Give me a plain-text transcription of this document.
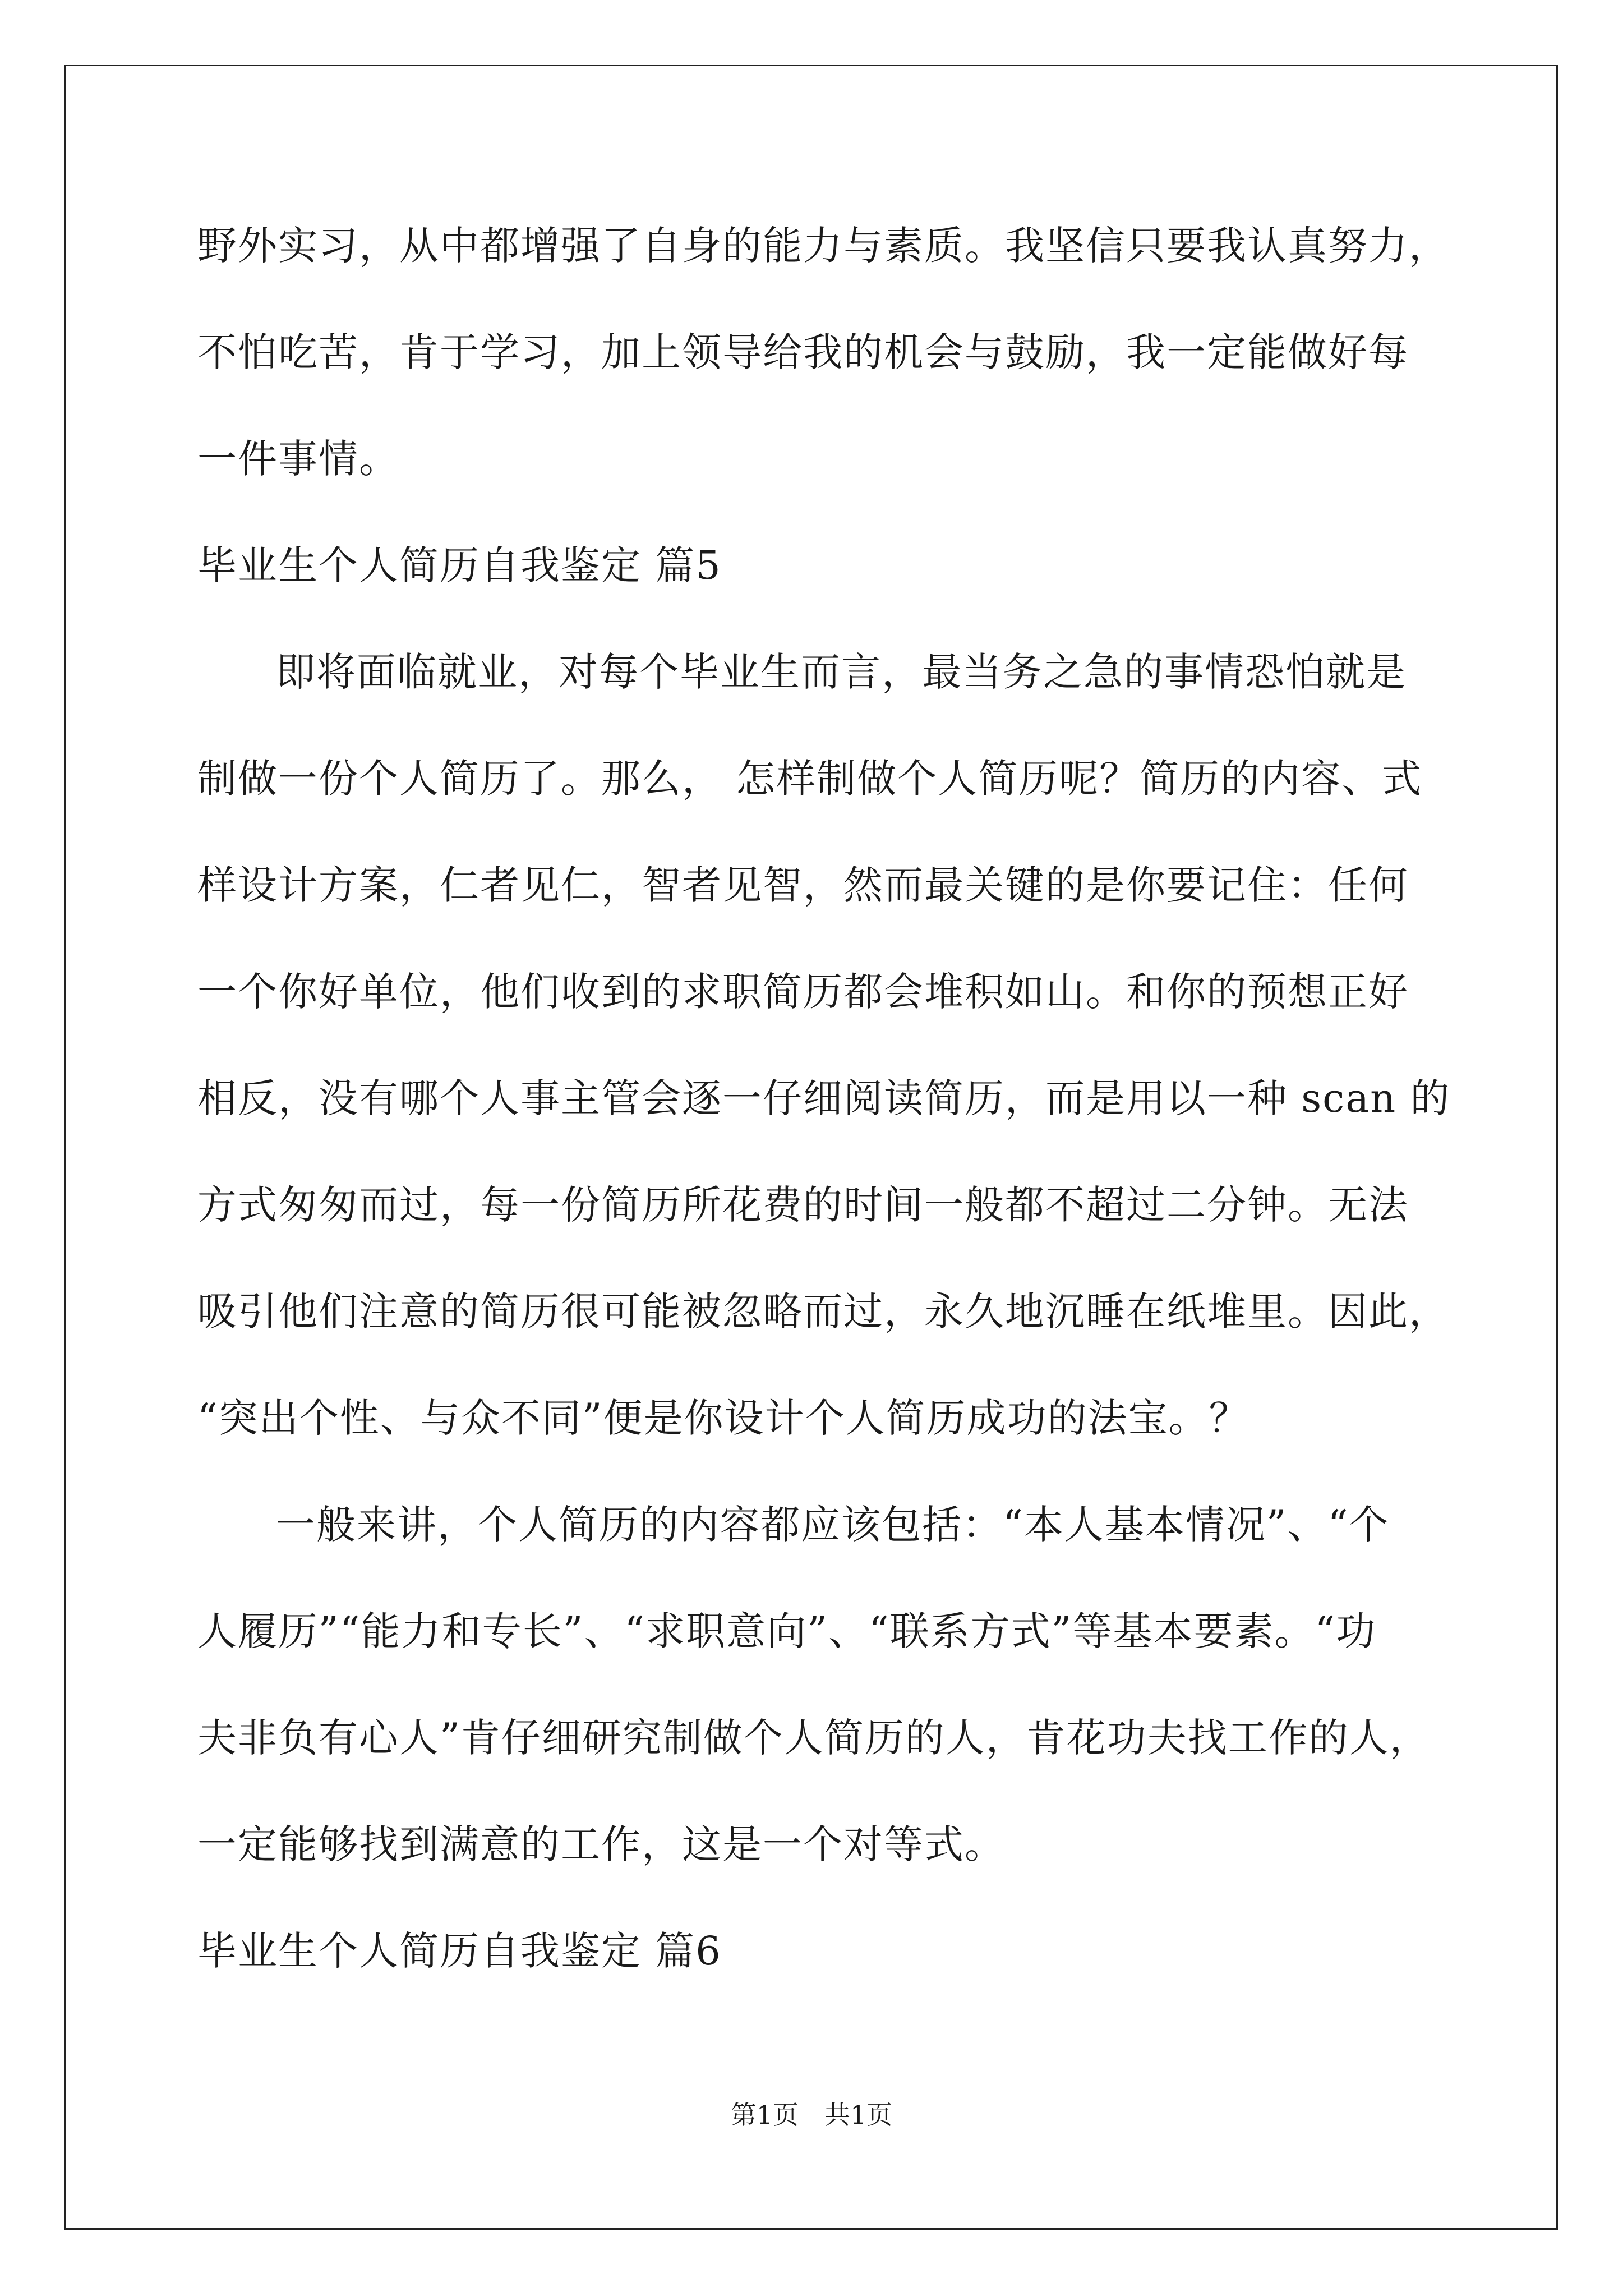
野外实习，从中都增强了自身的能力与素质。我坚信只要我认真努力，
不怕吃苦，肯于学习，加上领导给我的机会与鼓励，我一定能做好每
一件事情。
毕业生个人简历自我鉴定 篇5
即将面临就业，对每个毕业生而言，最当务之急的事情恐怕就是
制做一份个人简历了。那么， 怎样制做个人简历呢？简历的内容、式
样设计方案，仁者见仁，智者见智，然而最关键的是你要记住：任何
一个你好单位，他们收到的求职简历都会堆积如山。和你的预想正好
相反，没有哪个人事主管会逐一仔细阅读简历，而是用以一种 scan 的
方式匆匆而过，每一份简历所花费的时间一般都不超过二分钟。无法
吸引他们注意的简历很可能被忽略而过，永久地沉睡在纸堆里。因此，
“突出个性、与众不同”便是你设计个人简历成功的法宝。？
一般来讲，个人简历的内容都应该包括：“本人基本情况”、“个
人履历”“能力和专长”、“求职意向”、“联系方式”等基本要素。“功
夫非负有心人”肯仔细研究制做个人简历的人，肯花功夫找工作的人，
一定能够找到满意的工作，这是一个对等式。
毕业生个人简历自我鉴定 篇6
第1页　共1页
